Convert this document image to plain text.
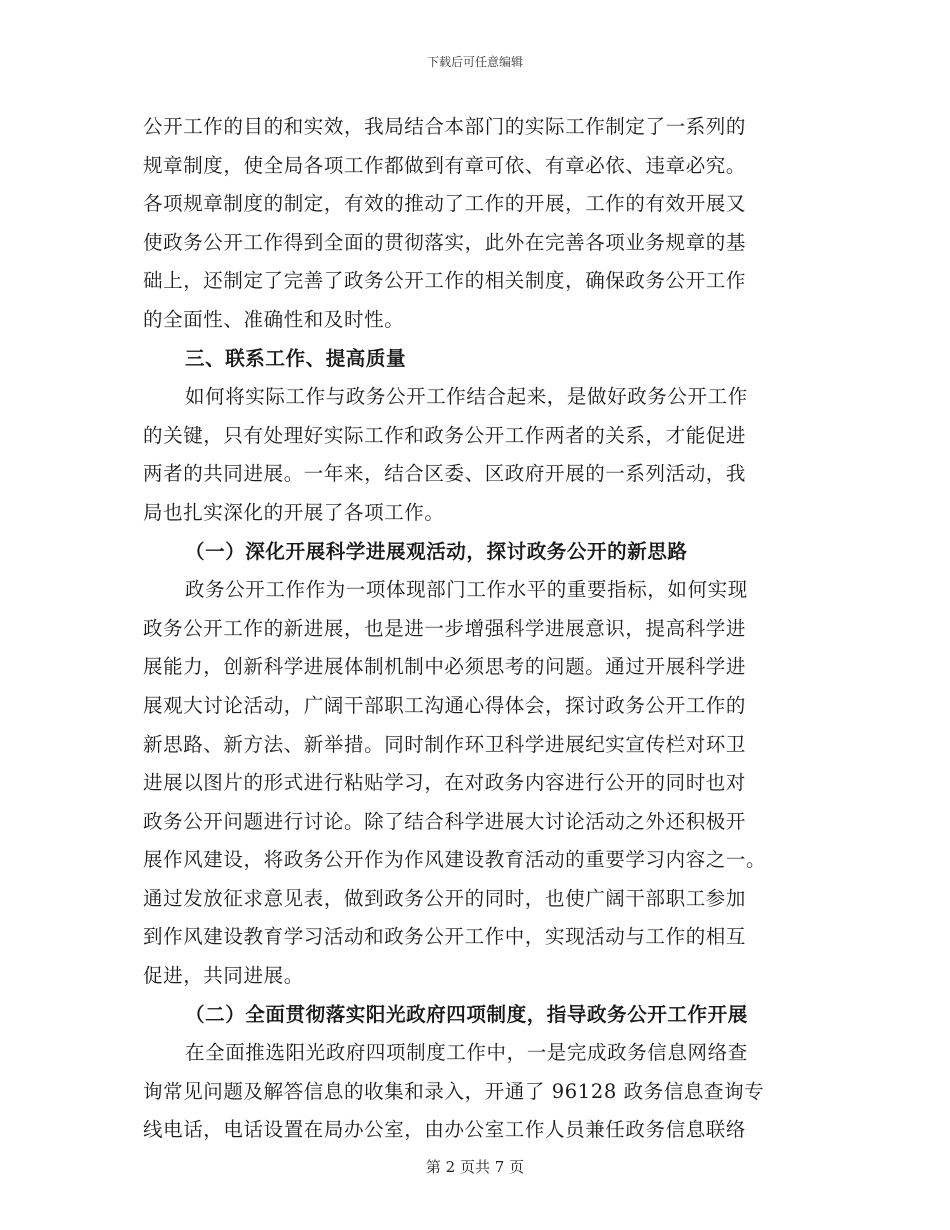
下载后可任意编辑
公开工作的目的和实效，我局结合本部门的实际工作制定了一系列的
规章制度，使全局各项工作都做到有章可依、有章必依、违章必究。
各项规章制度的制定，有效的推动了工作的开展，工作的有效开展又
使政务公开工作得到全面的贯彻落实，此外在完善各项业务规章的基
础上，还制定了完善了政务公开工作的相关制度，确保政务公开工作
的全面性、准确性和及时性。
三、联系工作、提高质量
如何将实际工作与政务公开工作结合起来，是做好政务公开工作
的关键，只有处理好实际工作和政务公开工作两者的关系，才能促进
两者的共同进展。一年来，结合区委、区政府开展的一系列活动，我
局也扎实深化的开展了各项工作。
（一）深化开展科学进展观活动，探讨政务公开的新思路
政务公开工作作为一项体现部门工作水平的重要指标，如何实现
政务公开工作的新进展，也是进一步增强科学进展意识，提高科学进
展能力，创新科学进展体制机制中必须思考的问题。通过开展科学进
展观大讨论活动，广阔干部职工沟通心得体会，探讨政务公开工作的
新思路、新方法、新举措。同时制作环卫科学进展纪实宣传栏对环卫
进展以图片的形式进行粘贴学习，在对政务内容进行公开的同时也对
政务公开问题进行讨论。除了结合科学进展大讨论活动之外还积极开
展作风建设，将政务公开作为作风建设教育活动的重要学习内容之一。
通过发放征求意见表，做到政务公开的同时，也使广阔干部职工参加
到作风建设教育学习活动和政务公开工作中，实现活动与工作的相互
促进，共同进展。
（二）全面贯彻落实阳光政府四项制度，指导政务公开工作开展
在全面推选阳光政府四项制度工作中，一是完成政务信息网络查
询常见问题及解答信息的收集和录入，开通了 96128 政务信息查询专
线电话，电话设置在局办公室，由办公室工作人员兼任政务信息联络
第 2 页共 7 页
